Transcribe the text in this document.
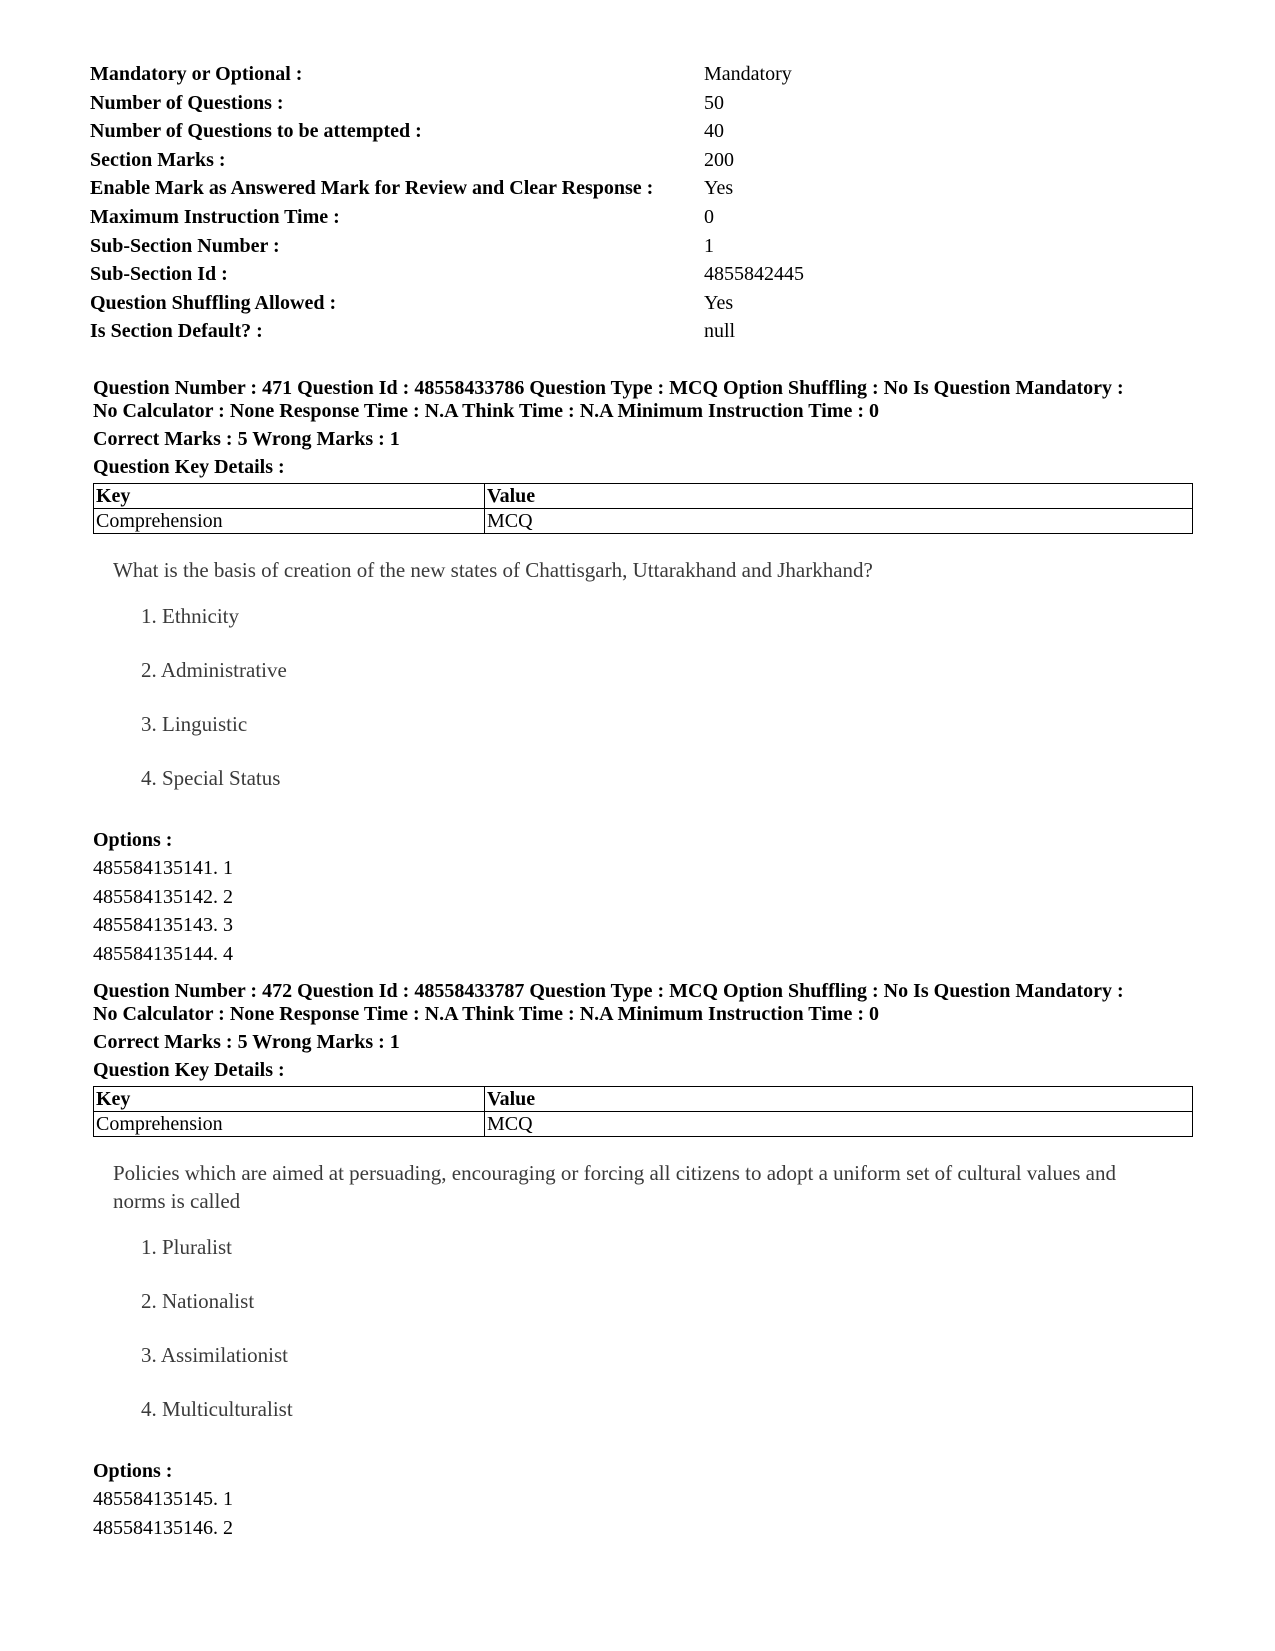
Mandatory or Optional :	Mandatory
Number of Questions :	50
Number of Questions to be attempted :	40
Section Marks :	200
Enable Mark as Answered Mark for Review and Clear Response :	Yes
Maximum Instruction Time :	0
Sub-Section Number :	1
Sub-Section Id :	4855842445
Question Shuffling Allowed :	Yes
Is Section Default? :	null
Question Number : 471 Question Id : 48558433786 Question Type : MCQ Option Shuffling : No Is Question Mandatory :
No Calculator : None Response Time : N.A Think Time : N.A Minimum Instruction Time : 0
Correct Marks : 5 Wrong Marks : 1
Question Key Details :
Key	Value
Comprehension	MCQ
What is the basis of creation of the new states of Chattisgarh, Uttarakhand and Jharkhand?
1. Ethnicity
2. Administrative
3. Linguistic
4. Special Status
Options :
485584135141. 1
485584135142. 2
485584135143. 3
485584135144. 4
Question Number : 472 Question Id : 48558433787 Question Type : MCQ Option Shuffling : No Is Question Mandatory :
No Calculator : None Response Time : N.A Think Time : N.A Minimum Instruction Time : 0
Correct Marks : 5 Wrong Marks : 1
Question Key Details :
Key	Value
Comprehension	MCQ
Policies which are aimed at persuading, encouraging or forcing all citizens to adopt a uniform set of cultural values and norms is called
1. Pluralist
2. Nationalist
3. Assimilationist
4. Multiculturalist
Options :
485584135145. 1
485584135146. 2
